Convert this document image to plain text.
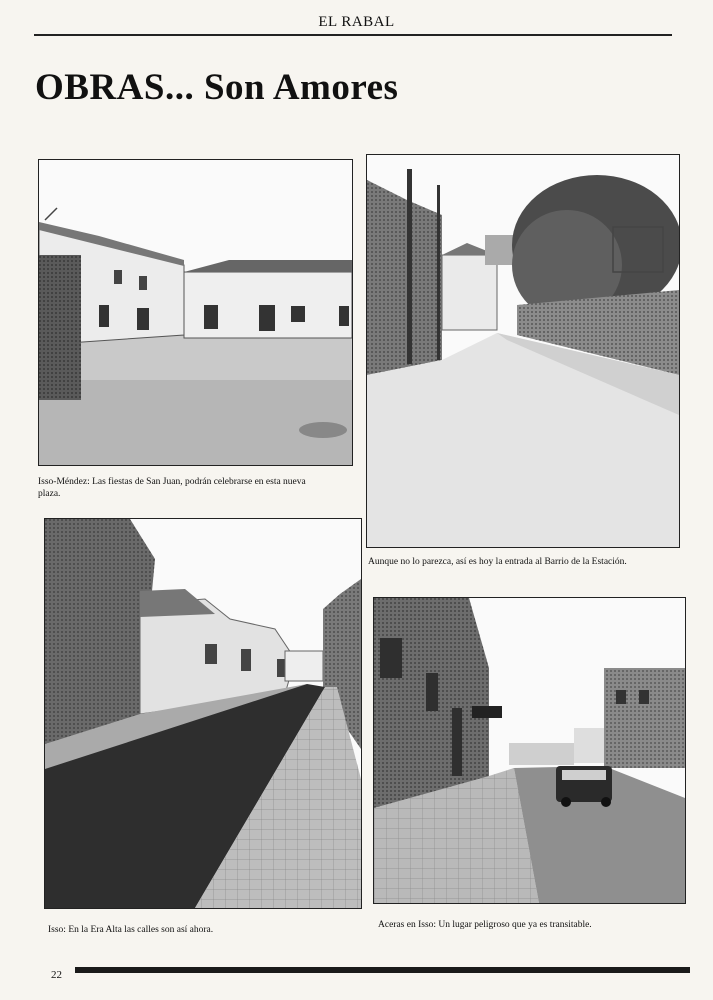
EL RABAL
OBRAS... Son Amores
Isso-Méndez: Las fiestas de San Juan, podrán celebrarse en esta nueva plaza.
Aunque no lo parezca, así es hoy la entrada al Barrio de la Estación.
Isso: En la Era Alta las calles son así ahora.	Aceras en Isso: Un lugar peligroso que ya es transitable.
22
